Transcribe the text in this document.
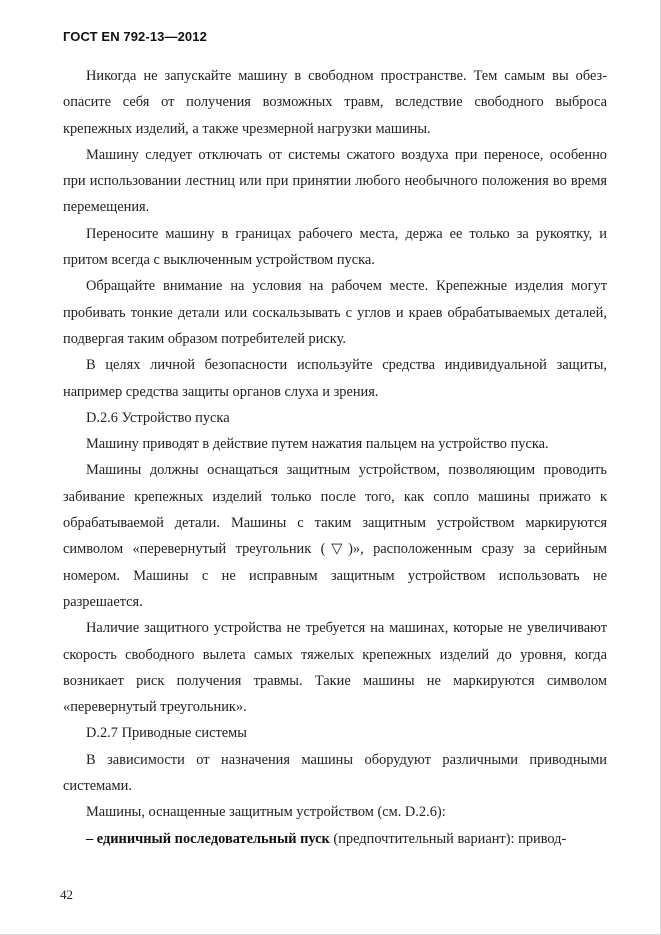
ГОСТ EN 792-13—2012

Никогда не запускайте машину в свободном пространстве. Тем самым вы обезопасите себя от получения возможных травм, вследствие свободного выброса крепежных изделий, а также чрезмерной нагрузки машины.

Машину следует отключать от системы сжатого воздуха при переносе, особенно при использовании лестниц или при принятии любого необычного положения во время перемещения.

Переносите машину в границах рабочего места, держа ее только за рукоятку, и притом всегда с выключенным устройством пуска.

Обращайте внимание на условия на рабочем месте. Крепежные изделия могут пробивать тонкие детали или соскальзывать с углов и краев обрабатываемых деталей, подвергая таким образом потребителей риску.

В целях личной безопасности используйте средства индивидуальной защиты, например средства защиты органов слуха и зрения.

D.2.6 Устройство пуска

Машину приводят в действие путем нажатия пальцем на устройство пуска.

Машины должны оснащаться защитным устройством, позволяющим проводить забивание крепежных изделий только после того, как сопло машины прижато к обрабатываемой детали. Машины с таким защитным устройством маркируются символом «перевернутый треугольник (▽)», расположенным сразу за серийным номером. Машины с не исправным защитным устройством использовать не разрешается.

Наличие защитного устройства не требуется на машинах, которые не увеличивают скорость свободного вылета самых тяжелых крепежных изделий до уровня, когда возникает риск получения травмы. Такие машины не маркируются символом «перевернутый треугольник».

D.2.7 Приводные системы

В зависимости от назначения машины оборудуют различными приводными системами.

Машины, оснащенные защитным устройством (см. D.2.6):

– единичный последовательный пуск (предпочтительный вариант): привод-

42
